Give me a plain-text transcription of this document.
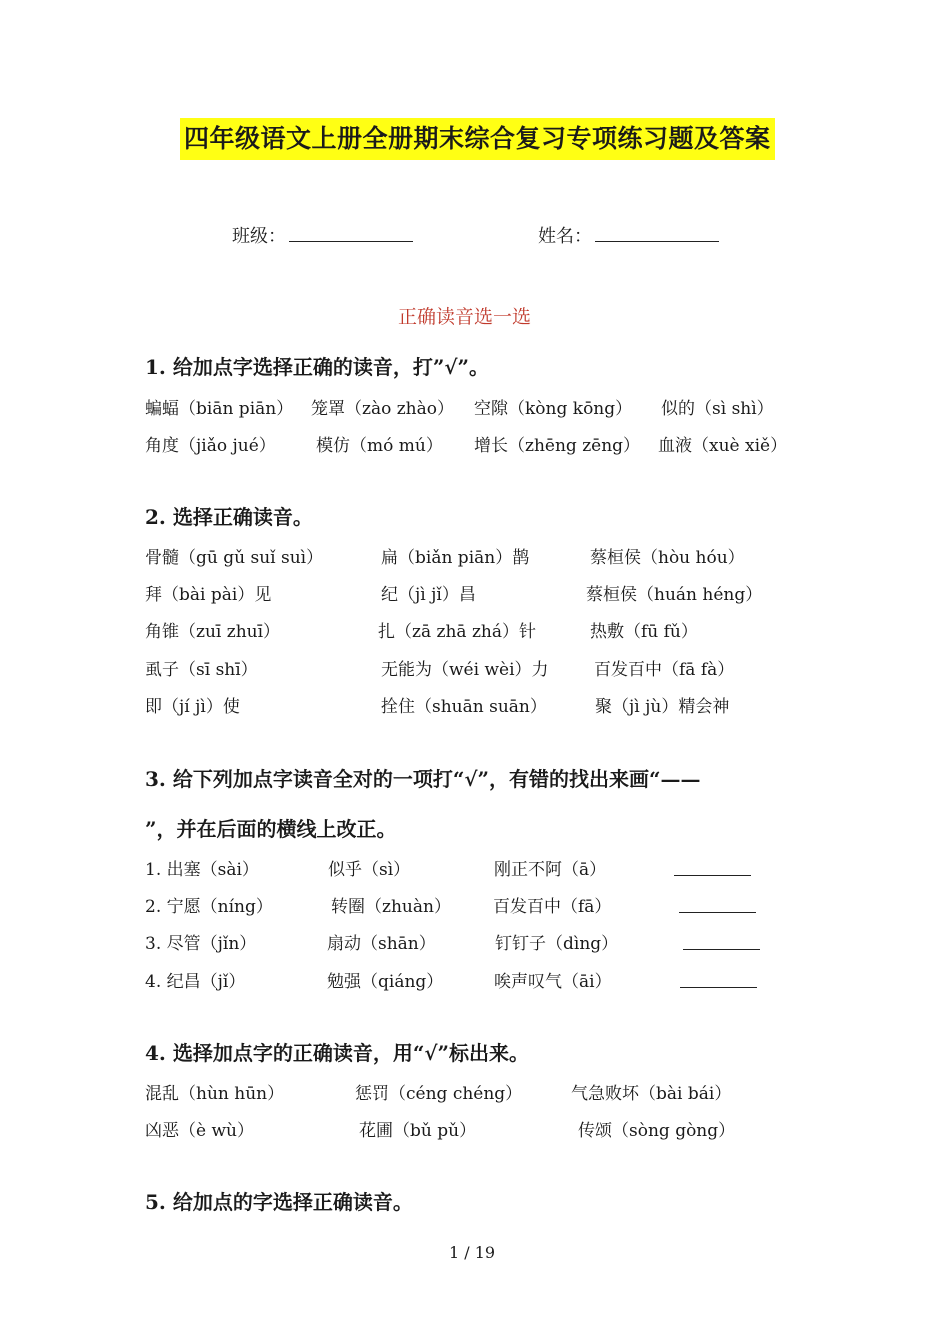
四年级语文上册全册期末综合复习专项练习题及答案
班级：	姓名：
正确读音选一选
1. 给加点字选择正确的读音，打”√”。
蝙蝠（biān piān） 笼罩（zào zhào） 空隙（kòng kōng） 似的（sì shì）
角度（jiǎo jué） 模仿（mó mú） 增长（zhēng zēng） 血液（xuè xiě）
2. 选择正确读音。
骨髓（gū gǔ suǐ suì）	扁（biǎn piān）鹊	蔡桓侯（hòu hóu）
拜（bài pài）见	纪（jì jǐ）昌	蔡桓侯（huán héng）
角锥（zuī zhuī）	扎（zā zhā zhá）针	热敷（fū fǔ）
虱子（sī shī）	无能为（wéi wèi）力	百发百中（fā fà）
即（jí jì）使	拴住（shuān suān）	聚（jì jù）精会神
3. 给下列加点字读音全对的一项打“√”，有错的找出来画“——
”，并在后面的横线上改正。
1. 出塞（sài）	似乎（sì）	刚正不阿（ā）
2. 宁愿（níng）	转圈（zhuàn） 百发百中（fā）
3. 尽管（jǐn）	扇动（shān）	钉钉子（dìng）
4. 纪昌（jǐ）	勉强（qiáng）	唉声叹气（āi）
4. 选择加点字的正确读音，用“√”标出来。
混乱（hùn hūn）	惩罚（céng chéng）	气急败坏（bài bái）
凶恶（è wù）	花圃（bǔ pǔ）	传颂（sòng gòng）
5. 给加点的字选择正确读音。
1 / 19
